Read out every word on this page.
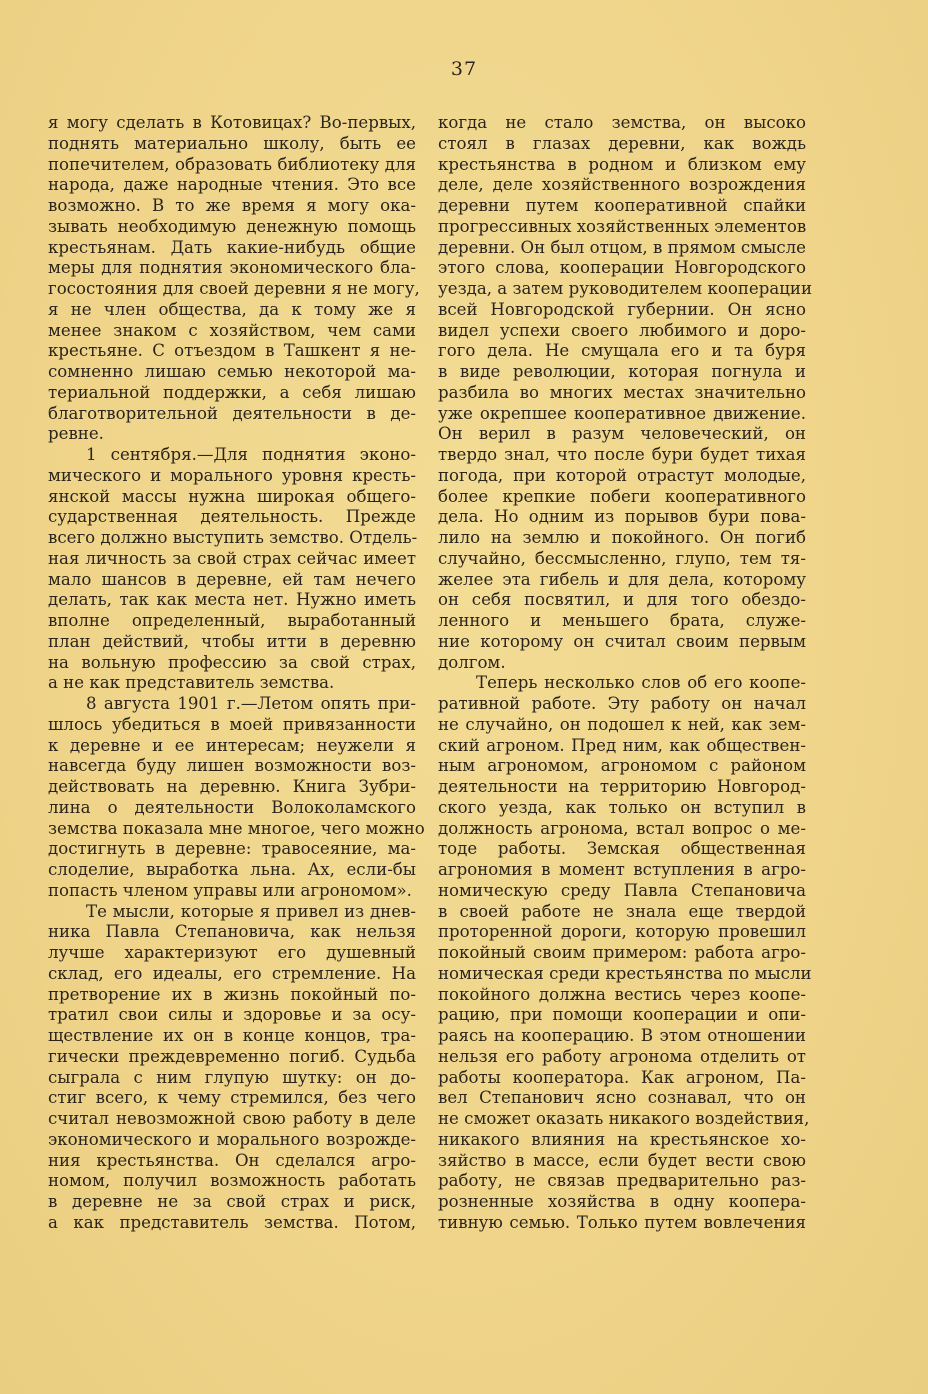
37
я могу сделать в Котовицах? Во-первых,
поднять материально школу, быть ее
попечителем, образовать библиотеку для
народа, даже народные чтения. Это все
возможно. В то же время я могу ока-
зывать необходимую денежную помощь
крестьянам. Дать какие-нибудь общие
меры для поднятия экономического бла-
госостояния для своей деревни я не могу,
я не член общества, да к тому же я
менее знаком с хозяйством, чем сами
крестьяне. С отъездом в Ташкент я не-
сомненно лишаю семью некоторой ма-
териальной поддержки, а себя лишаю
благотворительной деятельности в де-
ревне.
1 сентября.—Для поднятия эконо-
мического и морального уровня кресть-
янской массы нужна широкая общего-
сударственная деятельность. Прежде
всего должно выступить земство. Отдель-
ная личность за свой страх сейчас имеет
мало шансов в деревне, ей там нечего
делать, так как места нет. Нужно иметь
вполне определенный, выработанный
план действий, чтобы итти в деревню
на вольную профессию за свой страх,
а не как представитель земства.
8 августа 1901 г.—Летом опять при-
шлось убедиться в моей привязанности
к деревне и ее интересам; неужели я
навсегда буду лишен возможности воз-
действовать на деревню. Книга Зубри-
лина о деятельности Волоколамского
земства показала мне многое, чего можно
достигнуть в деревне: травосеяние, ма-
слоделие, выработка льна. Ах, если-бы
попасть членом управы или агрономом».
Те мысли, которые я привел из днев-
ника Павла Степановича, как нельзя
лучше характеризуют его душевный
склад, его идеалы, его стремление. На
претворение их в жизнь покойный по-
тратил свои силы и здоровье и за осу-
ществление их он в конце концов, тра-
гически преждевременно погиб. Судьба
сыграла с ним глупую шутку: он до-
стиг всего, к чему стремился, без чего
считал невозможной свою работу в деле
экономического и морального возрожде-
ния крестьянства. Он сделался агро-
номом, получил возможность работать
в деревне не за свой страх и риск,
а как представитель земства. Потом,
когда не стало земства, он высоко
стоял в глазах деревни, как вождь
крестьянства в родном и близком ему
деле, деле хозяйственного возрождения
деревни путем кооперативной спайки
прогрессивных хозяйственных элементов
деревни. Он был отцом, в прямом смысле
этого слова, кооперации Новгородского
уезда, а затем руководителем кооперации
всей Новгородской губернии. Он ясно
видел успехи своего любимого и доро-
гого дела. Не смущала его и та буря
в виде революции, которая погнула и
разбила во многих местах значительно
уже окрепшее кооперативное движение.
Он верил в разум человеческий, он
твердо знал, что после бури будет тихая
погода, при которой отрастут молодые,
более крепкие побеги кооперативного
дела. Но одним из порывов бури пова-
лило на землю и покойного. Он погиб
случайно, бессмысленно, глупо, тем тя-
желее эта гибель и для дела, которому
он себя посвятил, и для того обездо-
ленного и меньшего брата, служе-
ние которому он считал своим первым
долгом.
Теперь несколько слов об его коопе-
ративной работе. Эту работу он начал
не случайно, он подошел к ней, как зем-
ский агроном. Пред ним, как обществен-
ным агрономом, агрономом с районом
деятельности на территорию Новгород-
ского уезда, как только он вступил в
должность агронома, встал вопрос о ме-
тоде работы. Земская общественная
агрономия в момент вступления в агро-
номическую среду Павла Степановича
в своей работе не знала еще твердой
проторенной дороги, которую провешил
покойный своим примером: работа агро-
номическая среди крестьянства по мысли
покойного должна вестись через коопе-
рацию, при помощи кооперации и опи-
раясь на кооперацию. В этом отношении
нельзя его работу агронома отделить от
работы кооператора. Как агроном, Па-
вел Степанович ясно сознавал, что он
не сможет оказать никакого воздействия,
никакого влияния на крестьянское хо-
зяйство в массе, если будет вести свою
работу, не связав предварительно раз-
розненные хозяйства в одну коопера-
тивную семью. Только путем вовлечения
